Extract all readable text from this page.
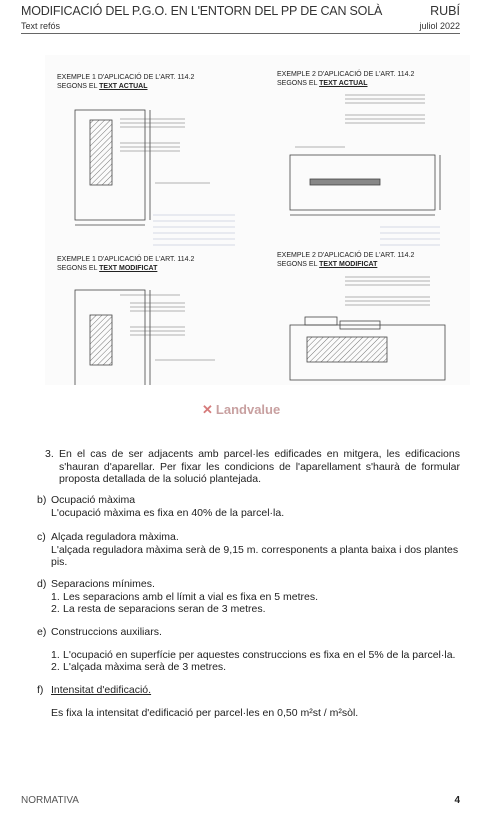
MODIFICACIÓ DEL P.G.O. EN L'ENTORN DEL PP DE CAN SOLÀ	RUBÍ
Text refós	juliol 2022
EXEMPLE 1 D'APLICACIÓ DE L'ART. 114.2
SEGONS EL TEXT ACTUAL
EXEMPLE 2 D'APLICACIÓ DE L'ART. 114.2
SEGONS EL TEXT ACTUAL
EXEMPLE 1 D'APLICACIÓ DE L'ART. 114.2
SEGONS EL TEXT MODIFICAT
EXEMPLE 2 D'APLICACIÓ DE L'ART. 114.2
SEGONS EL TEXT MODIFICAT
✕ Landvalue
3. En el cas de ser adjacents amb parcel·les edificades en mitgera, les edificacions s'hauran d'aparellar. Per fixar les condicions de l'aparellament s'haurà de formular proposta detallada de la solució plantejada.
b) Ocupació màxima
L'ocupació màxima es fixa en 40% de la parcel·la.
c) Alçada reguladora màxima.
L'alçada reguladora màxima serà de 9,15 m. corresponents a planta baixa i dos plantes pis.
d) Separacions mínimes.
1. Les separacions amb el límit a vial es fixa en 5 metres.
2. La resta de separacions seran de 3 metres.
e) Construccions auxiliars.
1. L'ocupació en superfície per aquestes construccions es fixa en el 5% de la parcel·la.
2. L'alçada màxima serà de 3 metres.
f) Intensitat d'edificació.
Es fixa la intensitat d'edificació per parcel·les en 0,50 m²st / m²sòl.
NORMATIVA	4
